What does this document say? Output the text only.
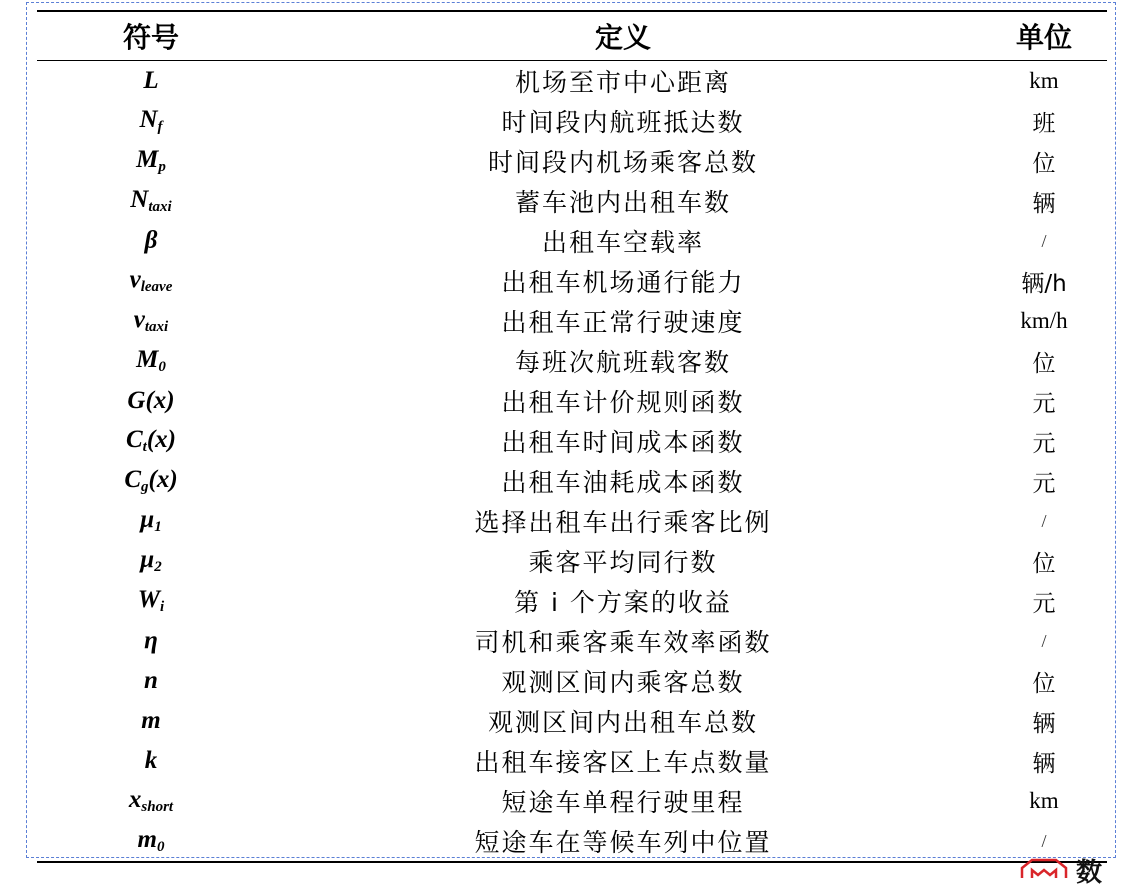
符号	定义	单位
L	机场至市中心距离	km
$N_f$	时间段内航班抵达数	班
$M_p$	时间段内机场乘客总数	位
$N_{taxi}$	蓄车池内出租车数	辆
β	出租车空载率	/
$v_{leave}$	出租车机场通行能力	辆/h
$v_{taxi}$	出租车正常行驶速度	km/h
$M_0$	每班次航班载客数	位
G(x)	出租车计价规则函数	元
$C_t(x)$	出租车时间成本函数	元
$C_g(x)$	出租车油耗成本函数	元
$\mu_1$	选择出租车出行乘客比例	/
$\mu_2$	乘客平均同行数	位
$W_i$	第 i 个方案的收益	元
η	司机和乘客乘车效率函数	/
n	观测区间内乘客总数	位
m	观测区间内出租车总数	辆
k	出租车接客区上车点数量	辆
$x_{short}$	短途车单程行驶里程	km
$m_0$	短途车在等候车列中位置	/
数
